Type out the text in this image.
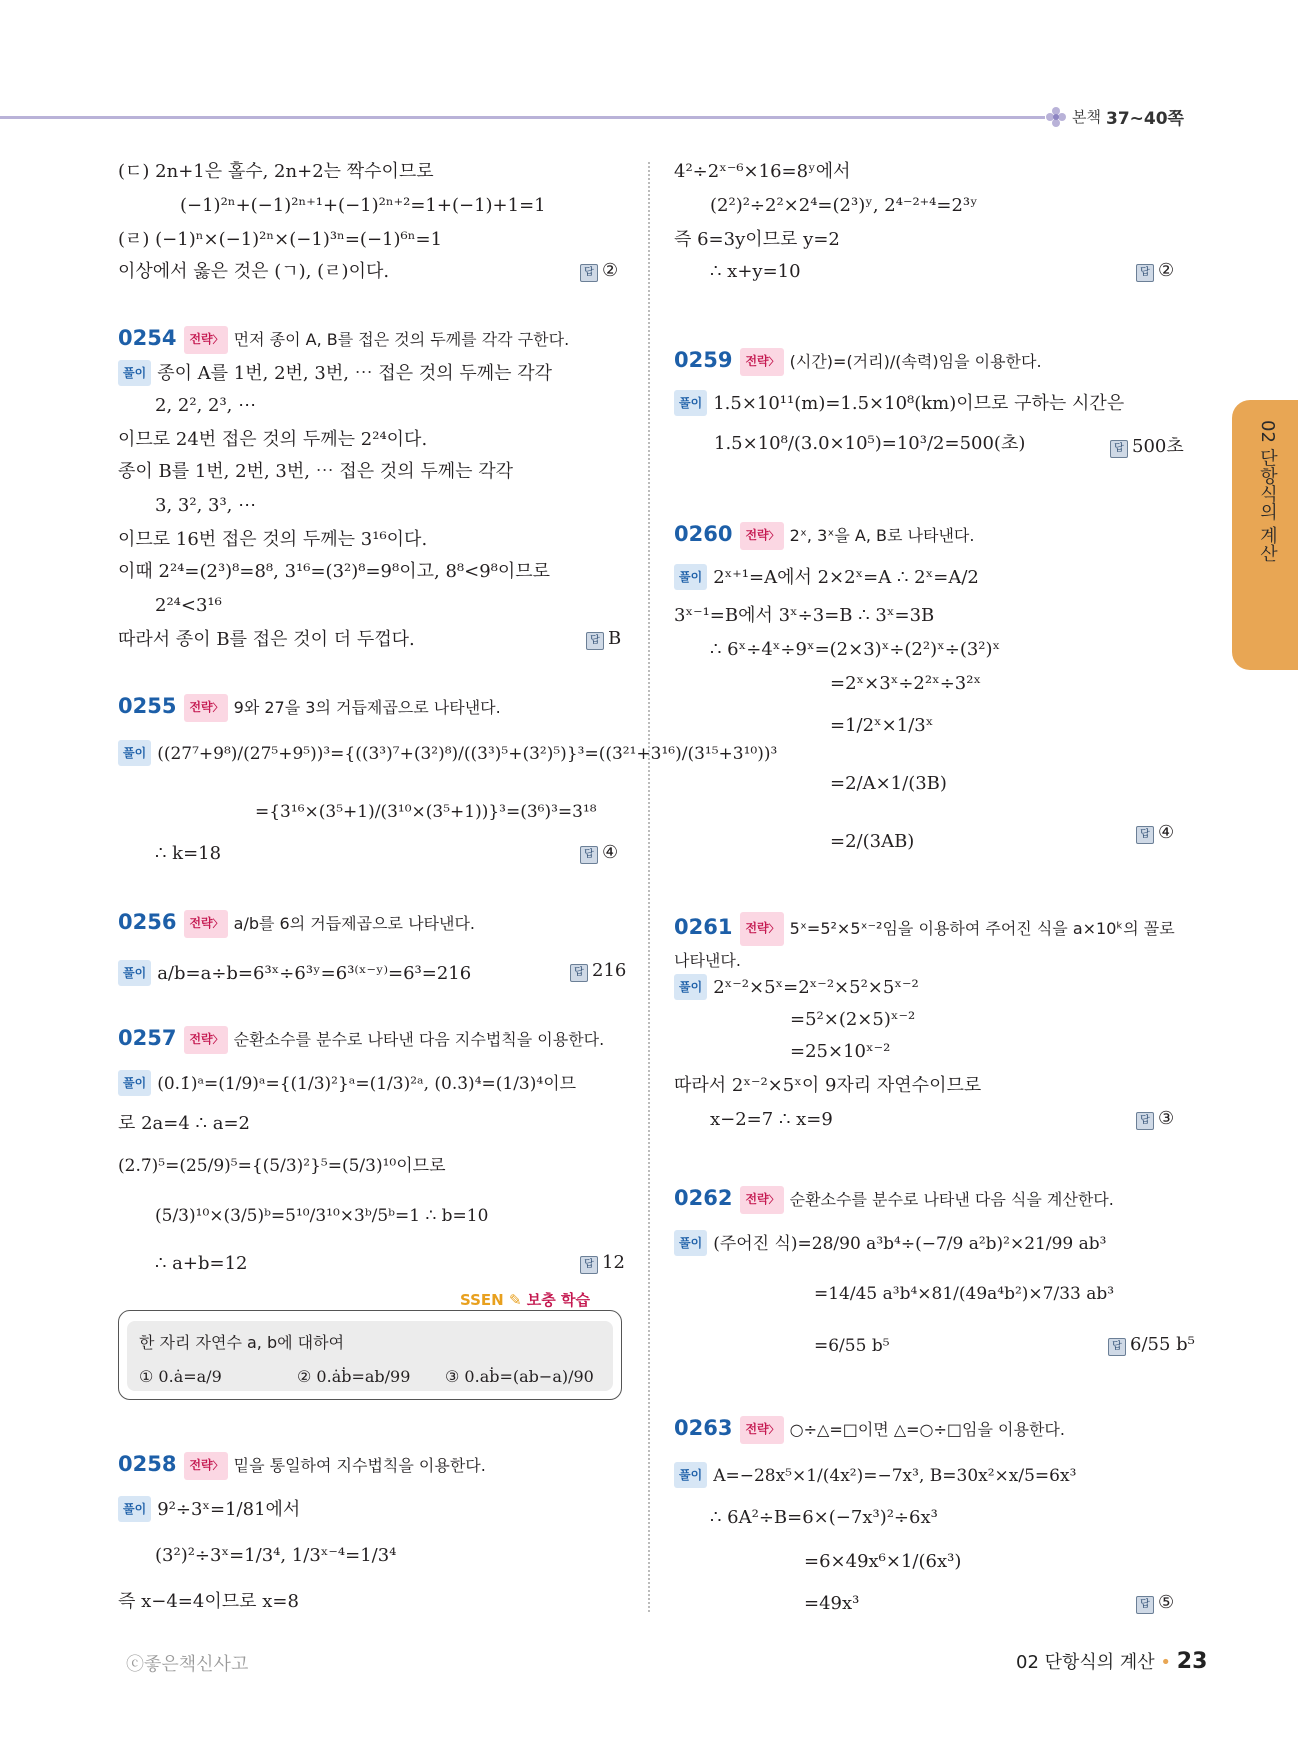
본책 37~40쪽
02 단항식의 계산
(ㄷ) 2n+1은 홀수, 2n+2는 짝수이므로
(−1)²ⁿ+(−1)²ⁿ⁺¹+(−1)²ⁿ⁺²=1+(−1)+1=1
(ㄹ) (−1)ⁿ×(−1)²ⁿ×(−1)³ⁿ=(−1)⁶ⁿ=1
이상에서 옳은 것은 (ㄱ), (ㄹ)이다.	답 ②
0254 전략 〉 먼저 종이 A, B를 접은 것의 두께를 각각 구한다.
풀이 종이 A를 1번, 2번, 3번, ⋯ 접은 것의 두께는 각각
2, 2², 2³, ⋯
이므로 24번 접은 것의 두께는 2²⁴이다.
종이 B를 1번, 2번, 3번, ⋯ 접은 것의 두께는 각각
3, 3², 3³, ⋯
이므로 16번 접은 것의 두께는 3¹⁶이다.
이때 2²⁴=(2³)⁸=8⁸, 3¹⁶=(3²)⁸=9⁸이고, 8⁸<9⁸이므로
2²⁴<3¹⁶
따라서 종이 B를 접은 것이 더 두껍다.	답 B
0255 전략 〉 9와 27을 3의 거듭제곱으로 나타낸다.
풀이 ((27⁷+9⁸)/(27⁵+9⁵))³={((3³)⁷+(3²)⁸)/((3³)⁵+(3²)⁵)}³=((3²¹+3¹⁶)/(3¹⁵+3¹⁰))³
={3¹⁶×(3⁵+1)/(3¹⁰×(3⁵+1))}³=(3⁶)³=3¹⁸
∴ k=18	답 ④
0256 전략 〉 a/b를 6의 거듭제곱으로 나타낸다.
풀이 a/b=a÷b=6³ˣ÷6³ʸ=6³⁽ˣ⁻ʸ⁾=6³=216	답 216
0257 전략 〉 순환소수를 분수로 나타낸 다음 지수법칙을 이용한다.
풀이 (0.1̇)ᵃ=(1/9)ᵃ={(1/3)²}ᵃ=(1/3)²ᵃ, (0.3̇)⁴=(1/3)⁴이므
로 2a=4 ∴ a=2
(2.7̇)⁵=(25/9)⁵={(5/3)²}⁵=(5/3)¹⁰이므로
(5/3)¹⁰×(3/5)ᵇ=5¹⁰/3¹⁰×3ᵇ/5ᵇ=1 ∴ b=10
∴ a+b=12	답 12
SSEN ✎ 보충 학습
한 자리 자연수 a, b에 대하여
① 0.ȧ=a/9	② 0.ȧḃ=ab/99 ③ 0.aḃ=(ab−a)/90
0258 전략 〉 밑을 통일하여 지수법칙을 이용한다.
풀이 9²÷3ˣ=1/81에서
(3²)²÷3ˣ=1/3⁴, 1/3ˣ⁻⁴=1/3⁴
즉 x−4=4이므로 x=8
4²÷2ˣ⁻⁶×16=8ʸ에서
(2²)²÷2²×2⁴=(2³)ʸ, 2⁴⁻²⁺⁴=2³ʸ
즉 6=3y이므로 y=2
∴ x+y=10	답 ②
0259 전략 〉 (시간)=(거리)/(속력)임을 이용한다.
풀이 1.5×10¹¹(m)=1.5×10⁸(km)이므로 구하는 시간은
1.5×10⁸/(3.0×10⁵)=10³/2=500(초)	답 500초
0260 전략 〉 2ˣ, 3ˣ을 A, B로 나타낸다.
풀이 2ˣ⁺¹=A에서 2×2ˣ=A ∴ 2ˣ=A/2
3ˣ⁻¹=B에서 3ˣ÷3=B ∴ 3ˣ=3B
∴ 6ˣ÷4ˣ÷9ˣ=(2×3)ˣ÷(2²)ˣ÷(3²)ˣ
=2ˣ×3ˣ÷2²ˣ÷3²ˣ
=1/2ˣ×1/3ˣ
=2/A×1/(3B)
=2/(3AB)	답 ④
0261 전략 〉 5ˣ=5²×5ˣ⁻²임을 이용하여 주어진 식을 a×10ᵏ의 꼴로 나타낸다.
풀이 2ˣ⁻²×5ˣ=2ˣ⁻²×5²×5ˣ⁻²
=5²×(2×5)ˣ⁻²
=25×10ˣ⁻²
따라서 2ˣ⁻²×5ˣ이 9자리 자연수이므로
x−2=7 ∴ x=9	답 ③
0262 전략 〉 순환소수를 분수로 나타낸 다음 식을 계산한다.
풀이 (주어진 식)=28/90 a³b⁴÷(−7/9 a²b)²×21/99 ab³
=14/45 a³b⁴×81/(49a⁴b²)×7/33 ab³
=6/55 b⁵	답 6/55 b⁵
0263 전략 〉 ○÷△=□이면 △=○÷□임을 이용한다.
풀이 A=−28x⁵×1/(4x²)=−7x³, B=30x²×x/5=6x³
∴ 6A²÷B=6×(−7x³)²÷6x³
=6×49x⁶×1/(6x³)
=49x³	답 ⑤
ⓒ좋은책신사고	02 단항식의 계산 • 23
